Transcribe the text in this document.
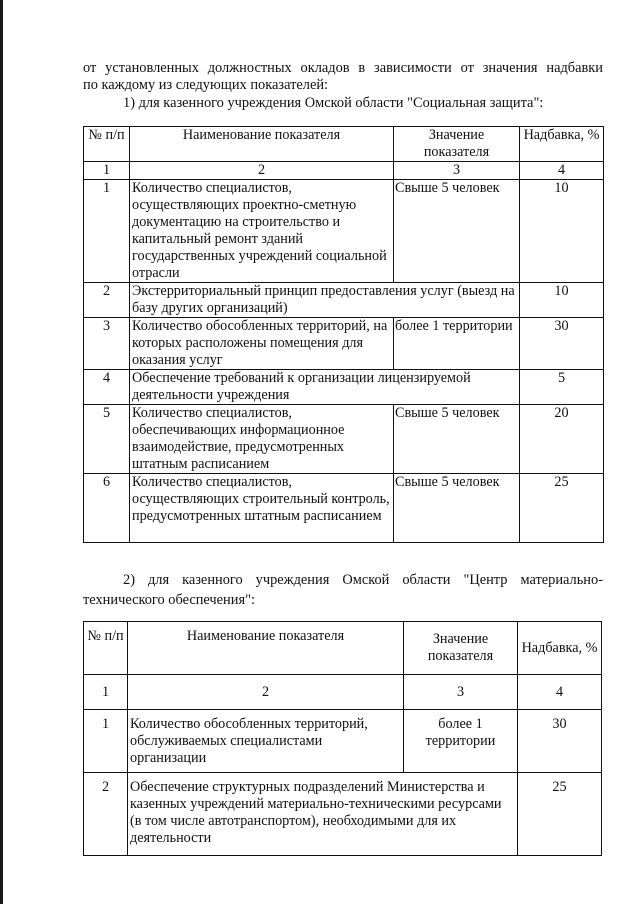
от установленных должностных окладов в зависимости от значения надбавки
по каждому из следующих показателей:

1) для казенного учреждения Омской области "Социальная защита":

№ п/п	Наименование показателя	Значение показателя	Надбавка, %
1	2	3	4
1	Количество специалистов, осуществляющих проектно-сметную документацию на строительство и капитальный ремонт зданий государственных учреждений социальной отрасли	Свыше 5 человек	10
2	Экстерриториальный принцип предоставления услуг (выезд на базу других организаций)		10
3	Количество обособленных территорий, на которых расположены помещения для оказания услуг	более 1 территории	30
4	Обеспечение требований к организации лицензируемой деятельности учреждения		5
5	Количество специалистов, обеспечивающих информационное взаимодействие, предусмотренных штатным расписанием	Свыше 5 человек	20
6	Количество специалистов, осуществляющих строительный контроль, предусмотренных штатным расписанием	Свыше 5 человек	25

2) для казенного учреждения Омской области "Центр материально-технического обеспечения":

№ п/п	Наименование показателя	Значение показателя	Надбавка, %
1	2	3	4
1	Количество обособленных территорий, обслуживаемых специалистами организации	более 1 территории	30
2	Обеспечение структурных подразделений Министерства и казенных учреждений материально-техническими ресурсами (в том числе автотранспортом), необходимыми для их деятельности		25
